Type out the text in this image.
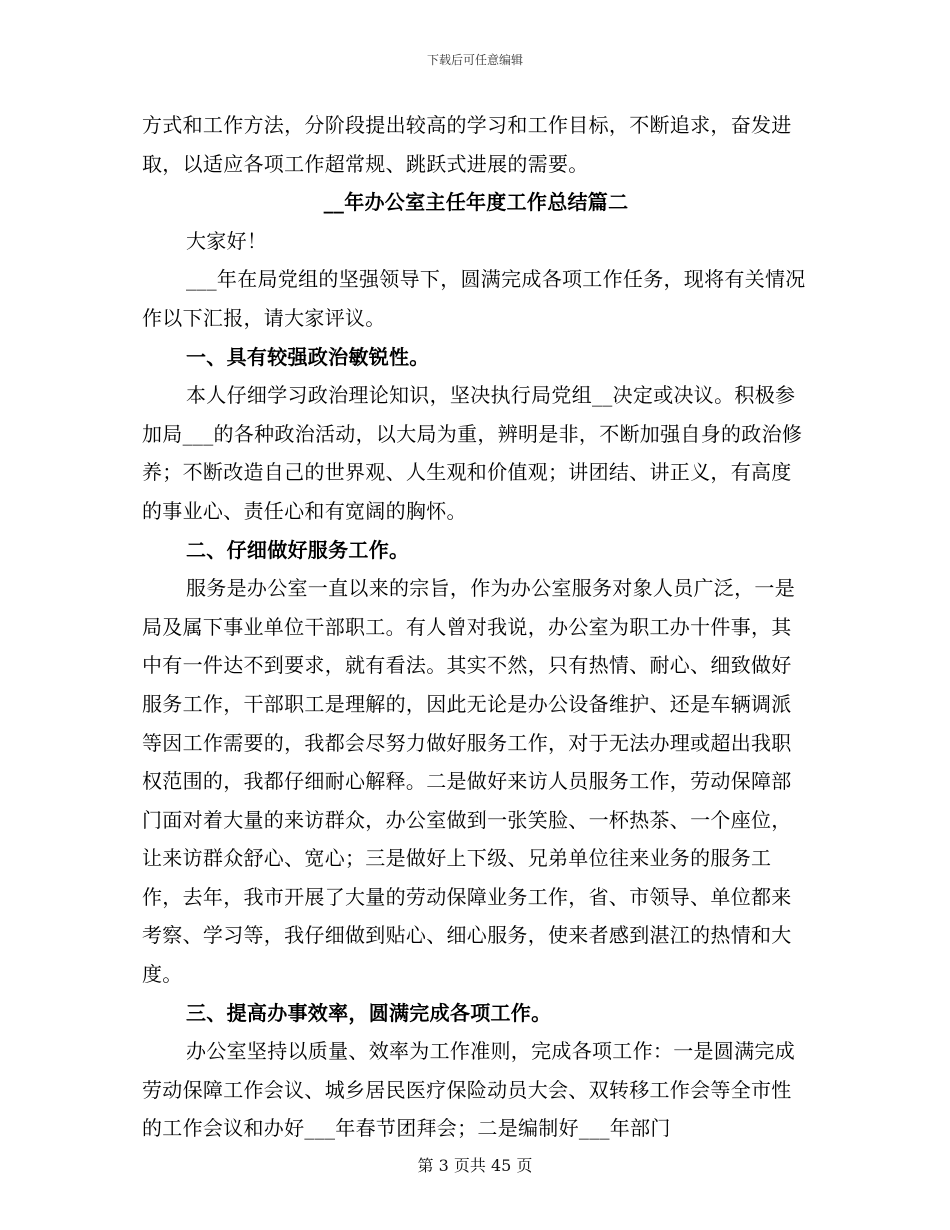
下载后可任意编辑

方式和工作方法，分阶段提出较高的学习和工作目标，不断追求，奋发进取，以适应各项工作超常规、跳跃式进展的需要。

__年办公室主任年度工作总结篇二

大家好！

___年在局党组的坚强领导下，圆满完成各项工作任务，现将有关情况作以下汇报，请大家评议。

一、具有较强政治敏锐性。

本人仔细学习政治理论知识，坚决执行局党组__决定或决议。积极参加局___的各种政治活动，以大局为重，辨明是非，不断加强自身的政治修养；不断改造自己的世界观、人生观和价值观；讲团结、讲正义，有高度的事业心、责任心和有宽阔的胸怀。

二、仔细做好服务工作。

服务是办公室一直以来的宗旨，作为办公室服务对象人员广泛，一是局及属下事业单位干部职工。有人曾对我说，办公室为职工办十件事，其中有一件达不到要求，就有看法。其实不然，只有热情、耐心、细致做好服务工作，干部职工是理解的，因此无论是办公设备维护、还是车辆调派等因工作需要的，我都会尽努力做好服务工作，对于无法办理或超出我职权范围的，我都仔细耐心解释。二是做好来访人员服务工作，劳动保障部门面对着大量的来访群众，办公室做到一张笑脸、一杯热茶、一个座位，让来访群众舒心、宽心；三是做好上下级、兄弟单位往来业务的服务工作，去年，我市开展了大量的劳动保障业务工作，省、市领导、单位都来考察、学习等，我仔细做到贴心、细心服务，使来者感到湛江的热情和大度。

三、提高办事效率，圆满完成各项工作。

办公室坚持以质量、效率为工作准则，完成各项工作：一是圆满完成劳动保障工作会议、城乡居民医疗保险动员大会、双转移工作会等全市性的工作会议和办好___年春节团拜会；二是编制好___年部门

第 3 页共 45 页
